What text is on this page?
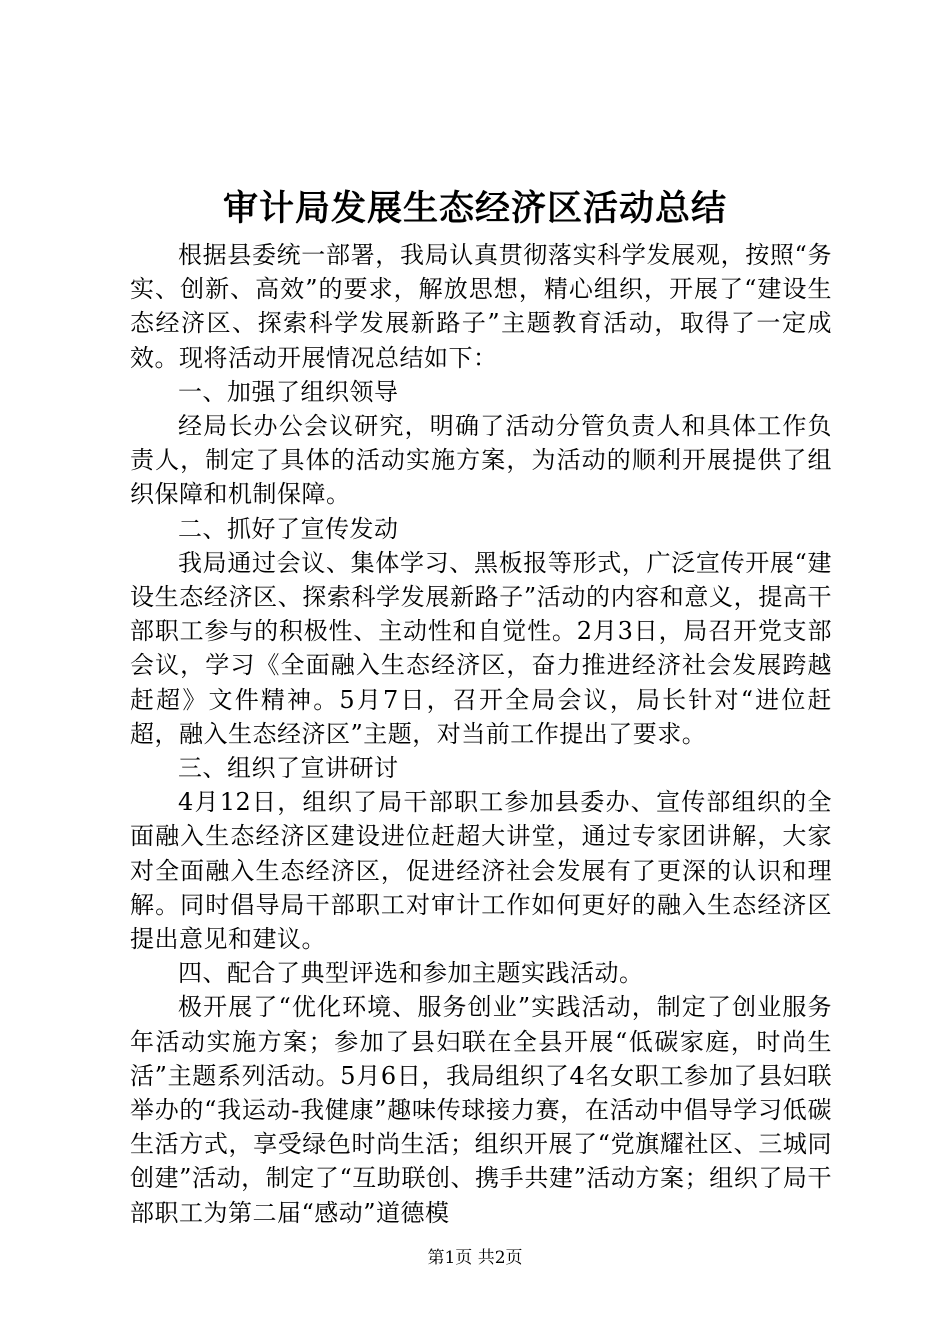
审计局发展生态经济区活动总结

根据县委统一部署，我局认真贯彻落实科学发展观，按照“务实、创新、高效”的要求，解放思想，精心组织，开展了“建设生态经济区、探索科学发展新路子”主题教育活动，取得了一定成效。现将活动开展情况总结如下：

一、加强了组织领导

经局长办公会议研究，明确了活动分管负责人和具体工作负责人，制定了具体的活动实施方案，为活动的顺利开展提供了组织保障和机制保障。

二、抓好了宣传发动

我局通过会议、集体学习、黑板报等形式，广泛宣传开展“建设生态经济区、探索科学发展新路子”活动的内容和意义，提高干部职工参与的积极性、主动性和自觉性。2月3日，局召开党支部会议，学习《全面融入生态经济区，奋力推进经济社会发展跨越赶超》文件精神。5月7日，召开全局会议，局长针对“进位赶超，融入生态经济区”主题，对当前工作提出了要求。

三、组织了宣讲研讨

4月12日，组织了局干部职工参加县委办、宣传部组织的全面融入生态经济区建设进位赶超大讲堂，通过专家团讲解，大家对全面融入生态经济区，促进经济社会发展有了更深的认识和理解。同时倡导局干部职工对审计工作如何更好的融入生态经济区提出意见和建议。

四、配合了典型评选和参加主题实践活动。

极开展了“优化环境、服务创业”实践活动，制定了创业服务年活动实施方案；参加了县妇联在全县开展“低碳家庭，时尚生活”主题系列活动。5月6日，我局组织了4名女职工参加了县妇联举办的“我运动-我健康”趣味传球接力赛，在活动中倡导学习低碳生活方式，享受绿色时尚生活；组织开展了“党旗耀社区、三城同创建”活动，制定了“互助联创、携手共建”活动方案；组织了局干部职工为第二届“感动”道德模

第1页 共2页
